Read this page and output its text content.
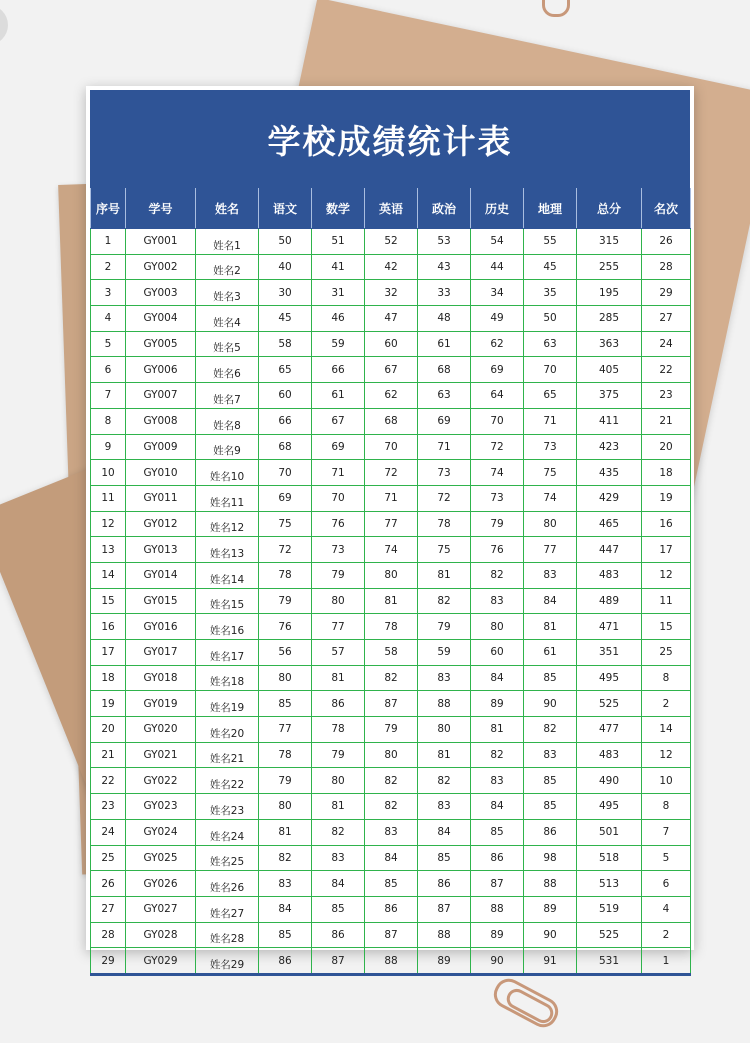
学校成绩统计表
序号	学号	姓名	语文	数学	英语	政治	历史	地理	总分	名次
1	GY001	姓名1	50	51	52	53	54	55	315	26
2	GY002	姓名2	40	41	42	43	44	45	255	28
3	GY003	姓名3	30	31	32	33	34	35	195	29
4	GY004	姓名4	45	46	47	48	49	50	285	27
5	GY005	姓名5	58	59	60	61	62	63	363	24
6	GY006	姓名6	65	66	67	68	69	70	405	22
7	GY007	姓名7	60	61	62	63	64	65	375	23
8	GY008	姓名8	66	67	68	69	70	71	411	21
9	GY009	姓名9	68	69	70	71	72	73	423	20
10	GY010	姓名10	70	71	72	73	74	75	435	18
11	GY011	姓名11	69	70	71	72	73	74	429	19
12	GY012	姓名12	75	76	77	78	79	80	465	16
13	GY013	姓名13	72	73	74	75	76	77	447	17
14	GY014	姓名14	78	79	80	81	82	83	483	12
15	GY015	姓名15	79	80	81	82	83	84	489	11
16	GY016	姓名16	76	77	78	79	80	81	471	15
17	GY017	姓名17	56	57	58	59	60	61	351	25
18	GY018	姓名18	80	81	82	83	84	85	495	8
19	GY019	姓名19	85	86	87	88	89	90	525	2
20	GY020	姓名20	77	78	79	80	81	82	477	14
21	GY021	姓名21	78	79	80	81	82	83	483	12
22	GY022	姓名22	79	80	82	82	83	85	490	10
23	GY023	姓名23	80	81	82	83	84	85	495	8
24	GY024	姓名24	81	82	83	84	85	86	501	7
25	GY025	姓名25	82	83	84	85	86	98	518	5
26	GY026	姓名26	83	84	85	86	87	88	513	6
27	GY027	姓名27	84	85	86	87	88	89	519	4
28	GY028	姓名28	85	86	87	88	89	90	525	2
29	GY029	姓名29	86	87	88	89	90	91	531	1
